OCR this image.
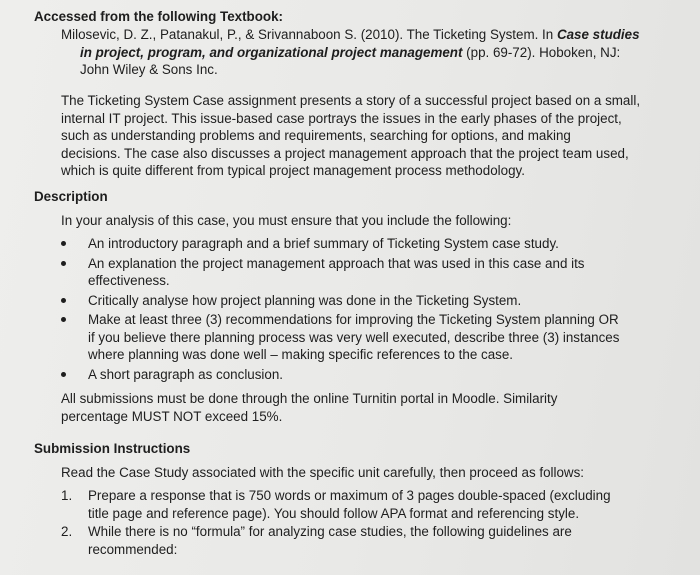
Accessed from the following Textbook:
Milosevic, D. Z., Patanakul, P., & Srivannaboon S. (2010). The Ticketing System. In Case studies
in project, program, and organizational project management (pp. 69-72). Hoboken, NJ:
John Wiley & Sons Inc.
The Ticketing System Case assignment presents a story of a successful project based on a small,
internal IT project. This issue-based case portrays the issues in the early phases of the project,
such as understanding problems and requirements, searching for options, and making
decisions. The case also discusses a project management approach that the project team used,
which is quite different from typical project management process methodology.
Description
In your analysis of this case, you must ensure that you include the following:
An introductory paragraph and a brief summary of Ticketing System case study.
An explanation the project management approach that was used in this case and its
effectiveness.
Critically analyse how project planning was done in the Ticketing System.
Make at least three (3) recommendations for improving the Ticketing System planning OR
if you believe there planning process was very well executed, describe three (3) instances
where planning was done well – making specific references to the case.
A short paragraph as conclusion.
All submissions must be done through the online Turnitin portal in Moodle. Similarity
percentage MUST NOT exceed 15%.
Submission Instructions
Read the Case Study associated with the specific unit carefully, then proceed as follows:
1. Prepare a response that is 750 words or maximum of 3 pages double-spaced (excluding
title page and reference page). You should follow APA format and referencing style.
2. While there is no “formula” for analyzing case studies, the following guidelines are
recommended:
